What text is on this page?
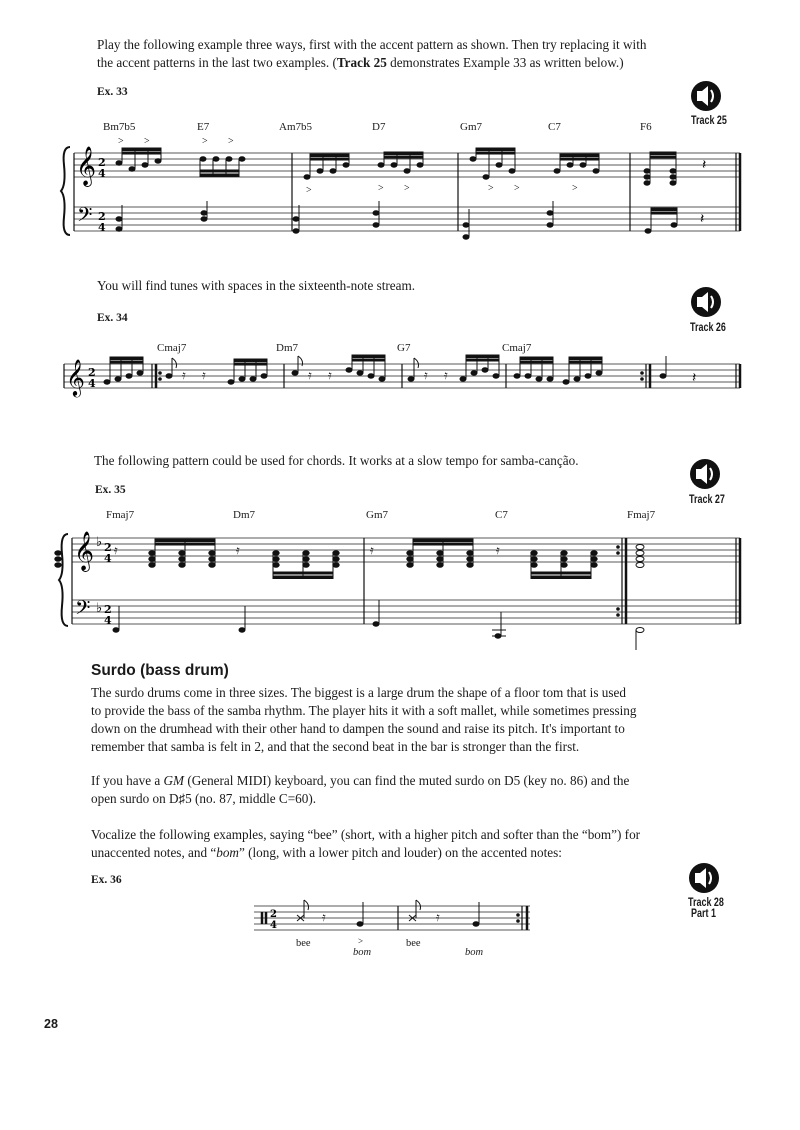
Play the following example three ways, first with the accent pattern as shown. Then try replacing it with
the accent patterns in the last two examples. (Track 25 demonstrates Example 33 as written below.)
Ex. 33
Track 25
Bm7b5	E7	Am7b5	D7	Gm7	C7	F6
𝄞
𝄢
2
4
2
4
> >	> >
>	> >	> >	>
𝄽
𝄽
You will find tunes with spaces in the sixteenth-note stream.
Ex. 34
Track 26
Cmaj7	Dm7	G7	Cmaj7
𝄞 2
4
𝄿 𝄿	𝄿 𝄿	𝄿 𝄿	𝄽
The following pattern could be used for chords. It works at a slow tempo for samba-canção.
Ex. 35
Track 27
Fmaj7	Dm7	Gm7	C7	Fmaj7
𝄞
𝄢
♭
♭
2
4
2
4
𝄿	𝄿	𝄿	𝄿
Surdo (bass drum)
The surdo drums come in three sizes. The biggest is a large drum the shape of a floor tom that is used
to provide the bass of the samba rhythm. The player hits it with a soft mallet, while sometimes pressing
down on the drumhead with their other hand to dampen the sound and raise its pitch. It's important to
remember that samba is felt in 2, and that the second beat in the bar is stronger than the first.
If you have a GM (General MIDI) keyboard, you can find the muted surdo on D5 (key no. 86) and the
open surdo on D♯5 (no. 87, middle C=60).
Vocalize the following examples, saying “bee” (short, with a higher pitch and softer than the “bom”) for
unaccented notes, and “bom” (long, with a lower pitch and louder) on the accented notes:
Ex. 36
Track 28
Part 1
2
4
𝄿
>
𝄿
bee
bom
bee
bom
28
